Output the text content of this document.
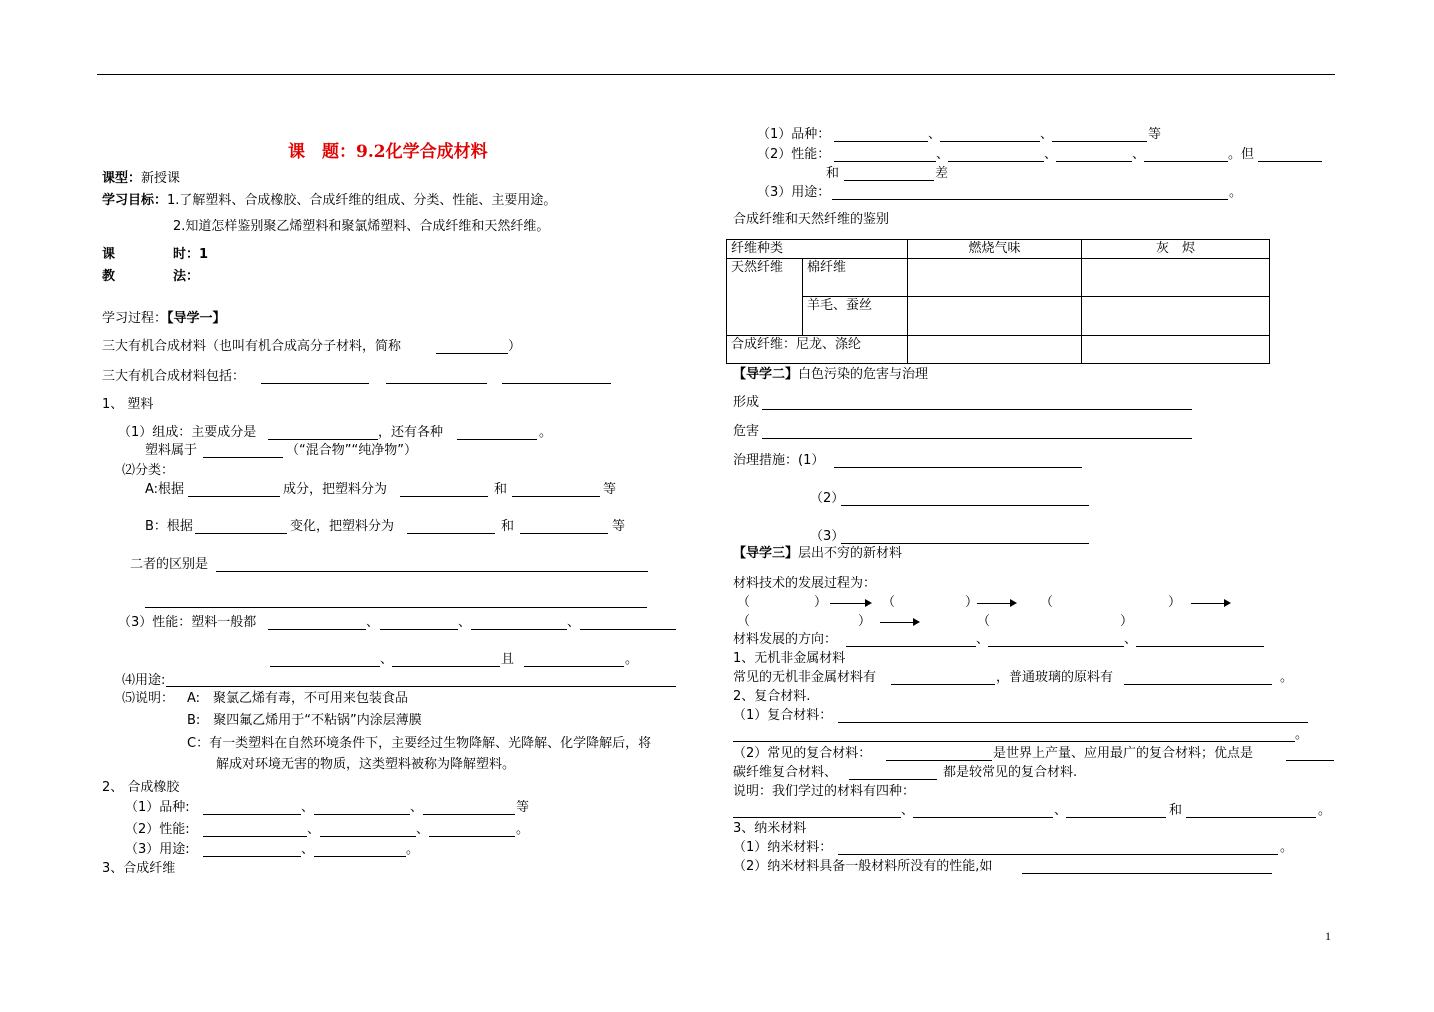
课　题：9.2化学合成材料
课型：新授课
学习目标：1.了解塑料、合成橡胶、合成纤维的组成、分类、性能、主要用途。
2.知道怎样鉴别聚乙烯塑料和聚氯烯塑料、合成纤维和天然纤维。
课	时：1
教	法：
学习过程：【导学一】
三大有机合成材料（也叫有机合成高分子材料，简称	）
三大有机合成材料包括：
1、 塑料
（1）组成：主要成分是	，还有各种	。
塑料属于	（“混合物”“纯净物”）
⑵分类：
A:根据	成分，把塑料分为	和	等
B：根据	变化，把塑料分为	和	等
二者的区别是
（3）性能：塑料一般都	、	、	、
、	且	。
⑷用途:
⑸说明： A:　聚氯乙烯有毒，不可用来包装食品
B:　聚四氟乙烯用于“不粘锅”内涂层薄膜
C：有一类塑料在自然环境条件下，主要经过生物降解、光降解、化学降解后，将
解成对环境无害的物质，这类塑料被称为降解塑料。
2、 合成橡胶
（1）品种:	、	、	等
（2）性能:	、	、	。
（3）用途:	、	。
3、合成纤维
（1）品种：	、	、	等
（2）性能：	、	、	、	。但
和	差
（3）用途：	。
合成纤维和天然纤维的鉴别
纤维种类		燃烧气味	灰　烬
天然纤维	棉纤维		
	羊毛、蚕丝		
合成纤维：尼龙、涤纶			
【导学二】白色污染的危害与治理
形成
危害
治理措施：(1）
（2）
（3）
【导学三】层出不穷的新材料
材料技术的发展过程为：
（	）	（	）	（	）
（	）	（	）
材料发展的方向：	、	、
1、无机非金属材料
常见的无机非金属材料有	，普通玻璃的原料有	。
2、复合材料.
（1）复合材料：
。
（2）常见的复合材料：	是世界上产量、应用最广的复合材料；优点是
碳纤维复合材料、	都是较常见的复合材料.
说明：我们学过的材料有四种：
、	、	和	。
3、纳米材料
（1）纳米材料：	。
（2）纳米材料具备一般材料所没有的性能,如
1
